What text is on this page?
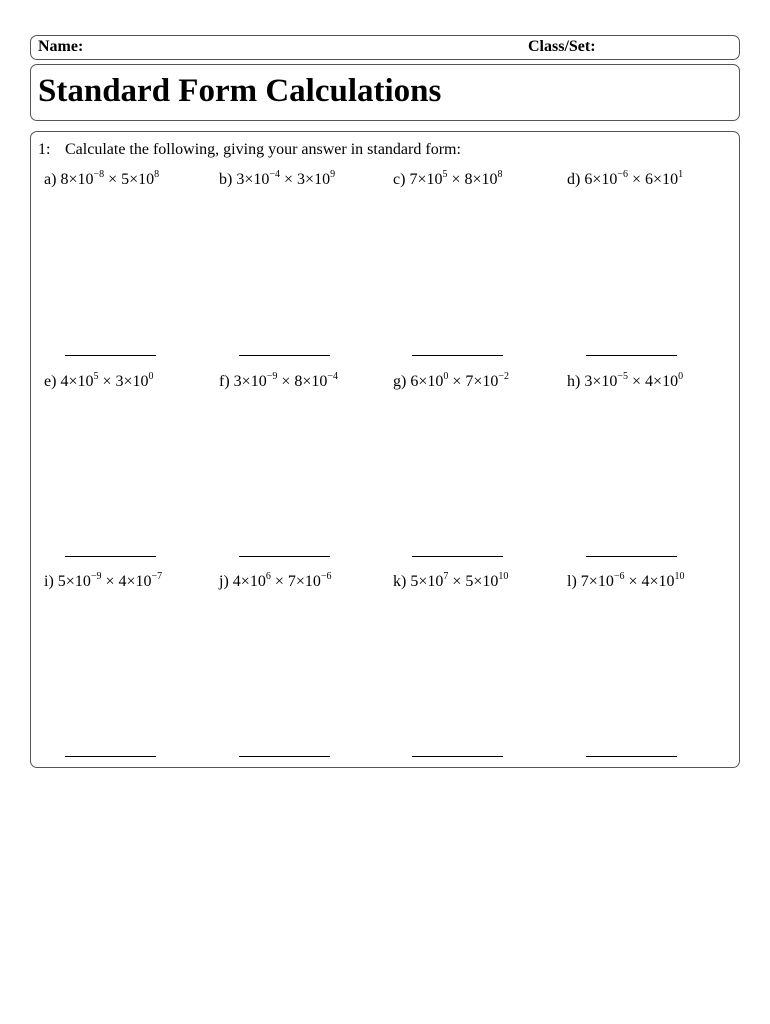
Name:	Class/Set:
Standard Form Calculations
1: Calculate the following, giving your answer in standard form:
a) $8\times 10^{-8} \times 5\times 10^8$	b) $3\times 10^{-4} \times 3\times 10^9$	c) $7\times 10^5 \times 8\times 10^8$	d) $6\times 10^{-6} \times 6\times 10^1$
e) $4\times 10^5 \times 3\times 10^0$	f) $3\times 10^{-9} \times 8\times 10^{-4}$	g) $6\times 10^0 \times 7\times 10^{-2}$	h) $3\times 10^{-5} \times 4\times 10^0$
i) $5\times 10^{-9} \times 4\times 10^{-7}$	j) $4\times 10^6 \times 7\times 10^{-6}$	k) $5\times 10^7 \times 5\times 10^{10}$	l) $7\times 10^{-6} \times 4\times 10^{10}$
